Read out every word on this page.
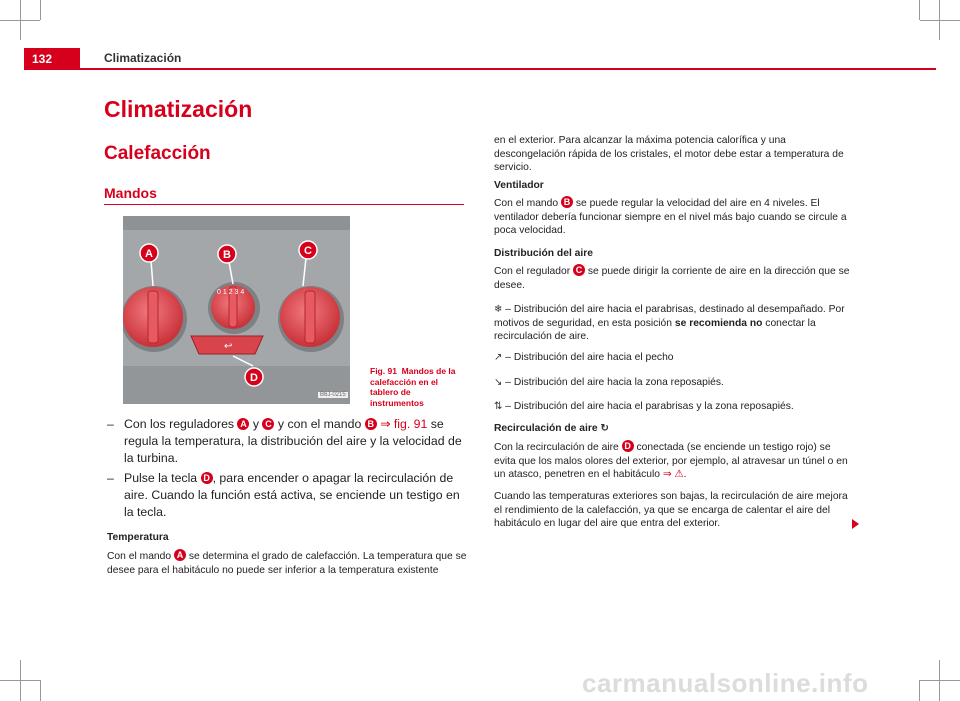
132	Climatización
Climatización
Calefacción
Mandos
0 1 2 3 4
↩
A	B	C
D
B6J-0215
Fig. 91 Mandos de la calefacción en el tablero de instrumentos
– Con los reguladores A y C y con el mando B ⇒ fig. 91 se regula la temperatura, la distribución del aire y la velocidad de la turbina.
– Pulse la tecla D , para encender o apagar la recirculación de aire. Cuando la función está activa, se enciende un testigo en la tecla.
Temperatura
Con el mando A se determina el grado de calefacción. La temperatura que se desee para el habitáculo no puede ser inferior a la temperatura existente
en el exterior. Para alcanzar la máxima potencia calorífica y una descongelación rápida de los cristales, el motor debe estar a temperatura de servicio.
Ventilador
Con el mando B se puede regular la velocidad del aire en 4 niveles. El ventilador debería funcionar siempre en el nivel más bajo cuando se circule a poca velocidad.
Distribución del aire
Con el regulador C se puede dirigir la corriente de aire en la dirección que se desee.
❄ – Distribución del aire hacia el parabrisas, destinado al desempañado. Por motivos de seguridad, en esta posición se recomienda no conectar la recirculación de aire.
↗ – Distribución del aire hacia el pecho
↘ – Distribución del aire hacia la zona reposapiés.
⇅ – Distribución del aire hacia el parabrisas y la zona reposapiés.
Recirculación de aire ↻
Con la recirculación de aire D conectada (se enciende un testigo rojo) se evita que los malos olores del exterior, por ejemplo, al atravesar un túnel o en un atasco, penetren en el habitáculo ⇒ ⚠.
Cuando las temperaturas exteriores son bajas, la recirculación de aire mejora el rendimiento de la calefacción, ya que se encarga de calentar el aire del habitáculo en lugar del aire que entra del exterior.
carmanualsonline.info
